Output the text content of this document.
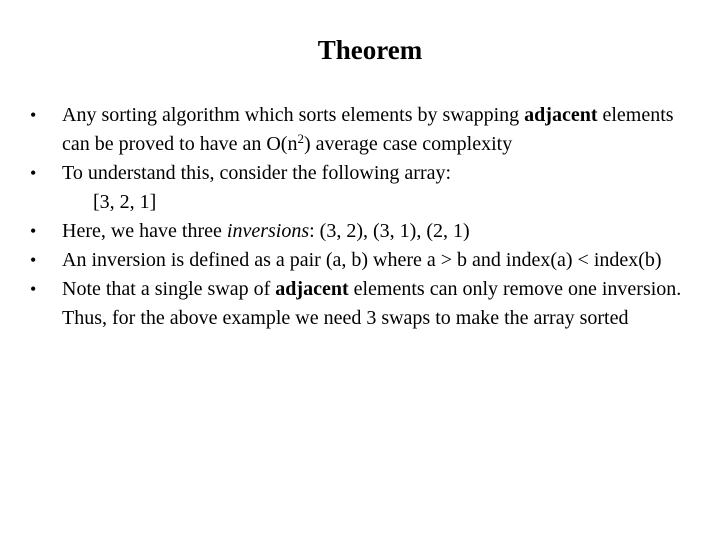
Theorem
• Any sorting algorithm which sorts elements by swapping adjacent elements can be proved to have an $O(n^2)$ average case complexity
• To understand this, consider the following array:
[3, 2, 1]
• Here, we have three inversions: (3, 2), (3, 1), (2, 1)
• An inversion is defined as a pair (a, b) where a > b and index(a) < index(b)
• Note that a single swap of adjacent elements can only remove one inversion. Thus, for the above example we need 3 swaps to make the array sorted
